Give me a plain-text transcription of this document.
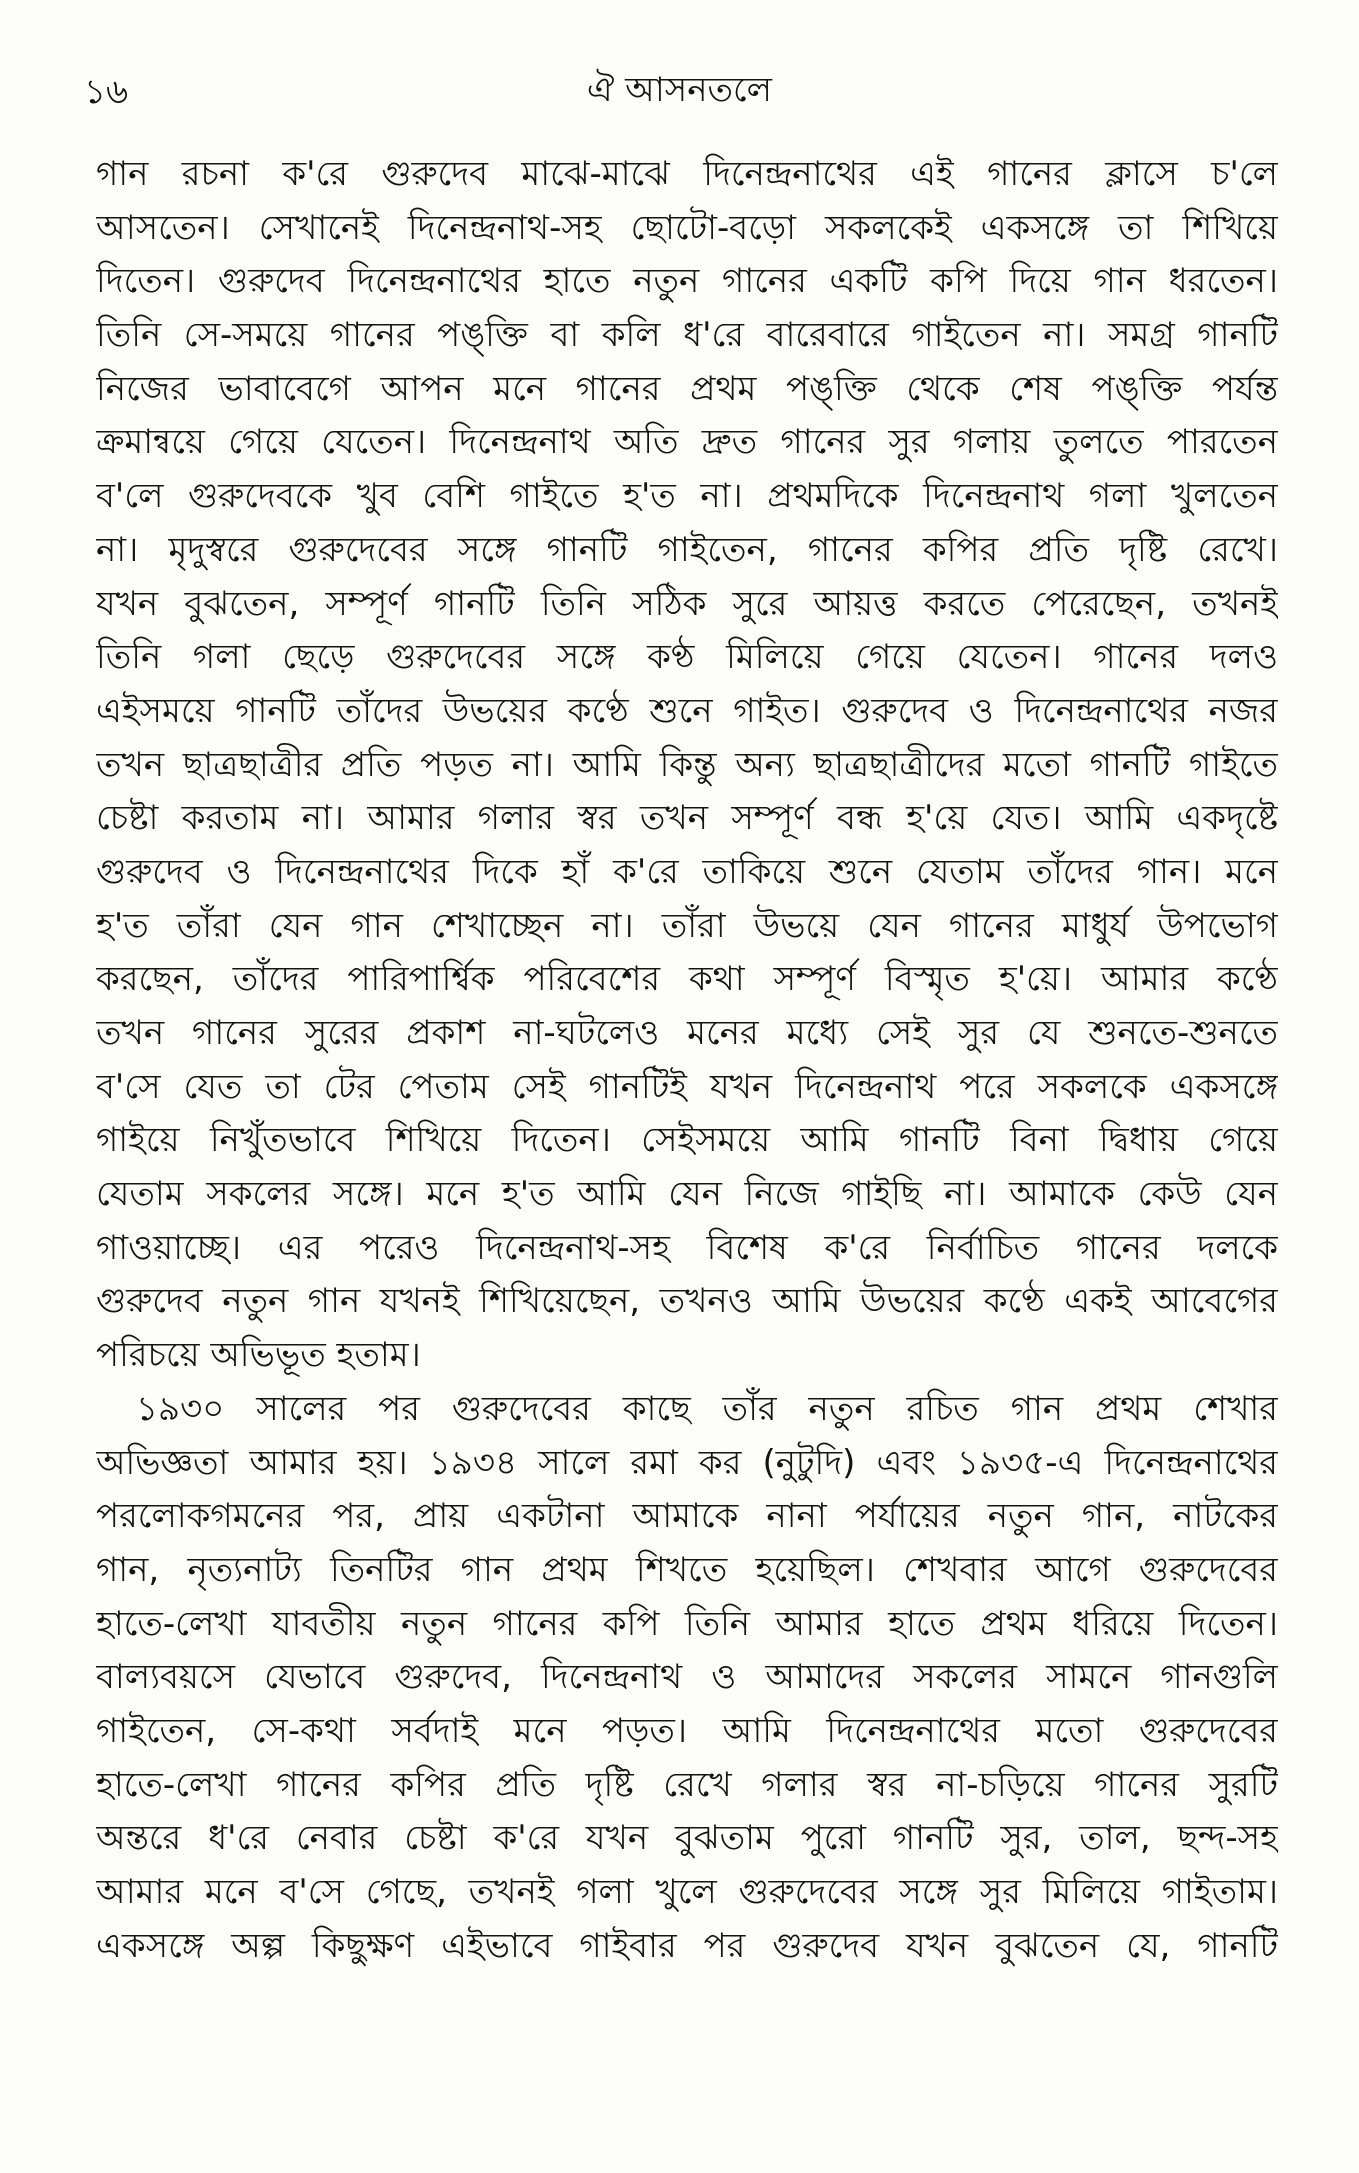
১৬	ঐ আসনতলে
গান রচনা ক'রে গুরুদেব মাঝে-মাঝে দিনেন্দ্রনাথের এই গানের ক্লাসে চ'লে
আসতেন। সেখানেই দিনেন্দ্রনাথ-সহ ছোটো-বড়ো সকলকেই একসঙ্গে তা শিখিয়ে
দিতেন। গুরুদেব দিনেন্দ্রনাথের হাতে নতুন গানের একটি কপি দিয়ে গান ধরতেন।
তিনি সে-সময়ে গানের পঙ্‌ক্তি বা কলি ধ'রে বারেবারে গাইতেন না। সমগ্র গানটি
নিজের ভাবাবেগে আপন মনে গানের প্রথম পঙ্‌ক্তি থেকে শেষ পঙ্‌ক্তি পর্যন্ত
ক্রমান্বয়ে গেয়ে যেতেন। দিনেন্দ্রনাথ অতি দ্রুত গানের সুর গলায় তুলতে পারতেন
ব'লে গুরুদেবকে খুব বেশি গাইতে হ'ত না। প্রথমদিকে দিনেন্দ্রনাথ গলা খুলতেন
না। মৃদুস্বরে গুরুদেবের সঙ্গে গানটি গাইতেন, গানের কপির প্রতি দৃষ্টি রেখে।
যখন বুঝতেন, সম্পূর্ণ গানটি তিনি সঠিক সুরে আয়ত্ত করতে পেরেছেন, তখনই
তিনি গলা ছেড়ে গুরুদেবের সঙ্গে কণ্ঠ মিলিয়ে গেয়ে যেতেন। গানের দলও
এইসময়ে গানটি তাঁদের উভয়ের কণ্ঠে শুনে গাইত। গুরুদেব ও দিনেন্দ্রনাথের নজর
তখন ছাত্রছাত্রীর প্রতি পড়ত না। আমি কিন্তু অন্য ছাত্রছাত্রীদের মতো গানটি গাইতে
চেষ্টা করতাম না। আমার গলার স্বর তখন সম্পূর্ণ বন্ধ হ'য়ে যেত। আমি একদৃষ্টে
গুরুদেব ও দিনেন্দ্রনাথের দিকে হাঁ ক'রে তাকিয়ে শুনে যেতাম তাঁদের গান। মনে
হ'ত তাঁরা যেন গান শেখাচ্ছেন না। তাঁরা উভয়ে যেন গানের মাধুর্য উপভোগ
করছেন, তাঁদের পারিপার্শ্বিক পরিবেশের কথা সম্পূর্ণ বিস্মৃত হ'য়ে। আমার কণ্ঠে
তখন গানের সুরের প্রকাশ না-ঘটলেও মনের মধ্যে সেই সুর যে শুনতে-শুনতে
ব'সে যেত তা টের পেতাম সেই গানটিই যখন দিনেন্দ্রনাথ পরে সকলকে একসঙ্গে
গাইয়ে নিখুঁতভাবে শিখিয়ে দিতেন। সেইসময়ে আমি গানটি বিনা দ্বিধায় গেয়ে
যেতাম সকলের সঙ্গে। মনে হ'ত আমি যেন নিজে গাইছি না। আমাকে কেউ যেন
গাওয়াচ্ছে। এর পরেও দিনেন্দ্রনাথ-সহ বিশেষ ক'রে নির্বাচিত গানের দলকে
গুরুদেব নতুন গান যখনই শিখিয়েছেন, তখনও আমি উভয়ের কণ্ঠে একই আবেগের
পরিচয়ে অভিভূত হতাম।
১৯৩০ সালের পর গুরুদেবের কাছে তাঁর নতুন রচিত গান প্রথম শেখার
অভিজ্ঞতা আমার হয়। ১৯৩৪ সালে রমা কর (নুটুদি) এবং ১৯৩৫-এ দিনেন্দ্রনাথের
পরলোকগমনের পর, প্রায় একটানা আমাকে নানা পর্যায়ের নতুন গান, নাটকের
গান, নৃত্যনাট্য তিনটির গান প্রথম শিখতে হয়েছিল। শেখবার আগে গুরুদেবের
হাতে-লেখা যাবতীয় নতুন গানের কপি তিনি আমার হাতে প্রথম ধরিয়ে দিতেন।
বাল্যবয়সে যেভাবে গুরুদেব, দিনেন্দ্রনাথ ও আমাদের সকলের সামনে গানগুলি
গাইতেন, সে-কথা সর্বদাই মনে পড়ত। আমি দিনেন্দ্রনাথের মতো গুরুদেবের
হাতে-লেখা গানের কপির প্রতি দৃষ্টি রেখে গলার স্বর না-চড়িয়ে গানের সুরটি
অন্তরে ধ'রে নেবার চেষ্টা ক'রে যখন বুঝতাম পুরো গানটি সুর, তাল, ছন্দ-সহ
আমার মনে ব'সে গেছে, তখনই গলা খুলে গুরুদেবের সঙ্গে সুর মিলিয়ে গাইতাম।
একসঙ্গে অল্প কিছুক্ষণ এইভাবে গাইবার পর গুরুদেব যখন বুঝতেন যে, গানটি
